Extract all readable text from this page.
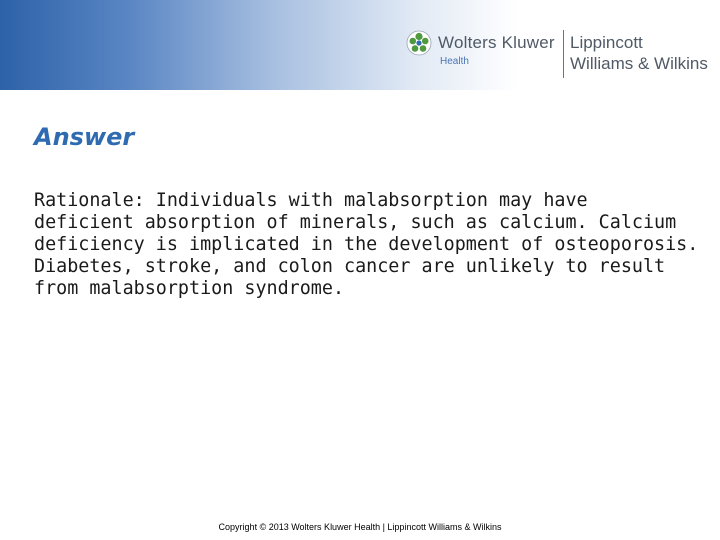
Wolters Kluwer
Health
Lippincott
Williams & Wilkins
Answer

Rationale: Individuals with malabsorption may have
deficient absorption of minerals, such as calcium. Calcium
deficiency is implicated in the development of osteoporosis.
Diabetes, stroke, and colon cancer are unlikely to result
from malabsorption syndrome.

Copyright © 2013 Wolters Kluwer Health | Lippincott Williams & Wilkins
